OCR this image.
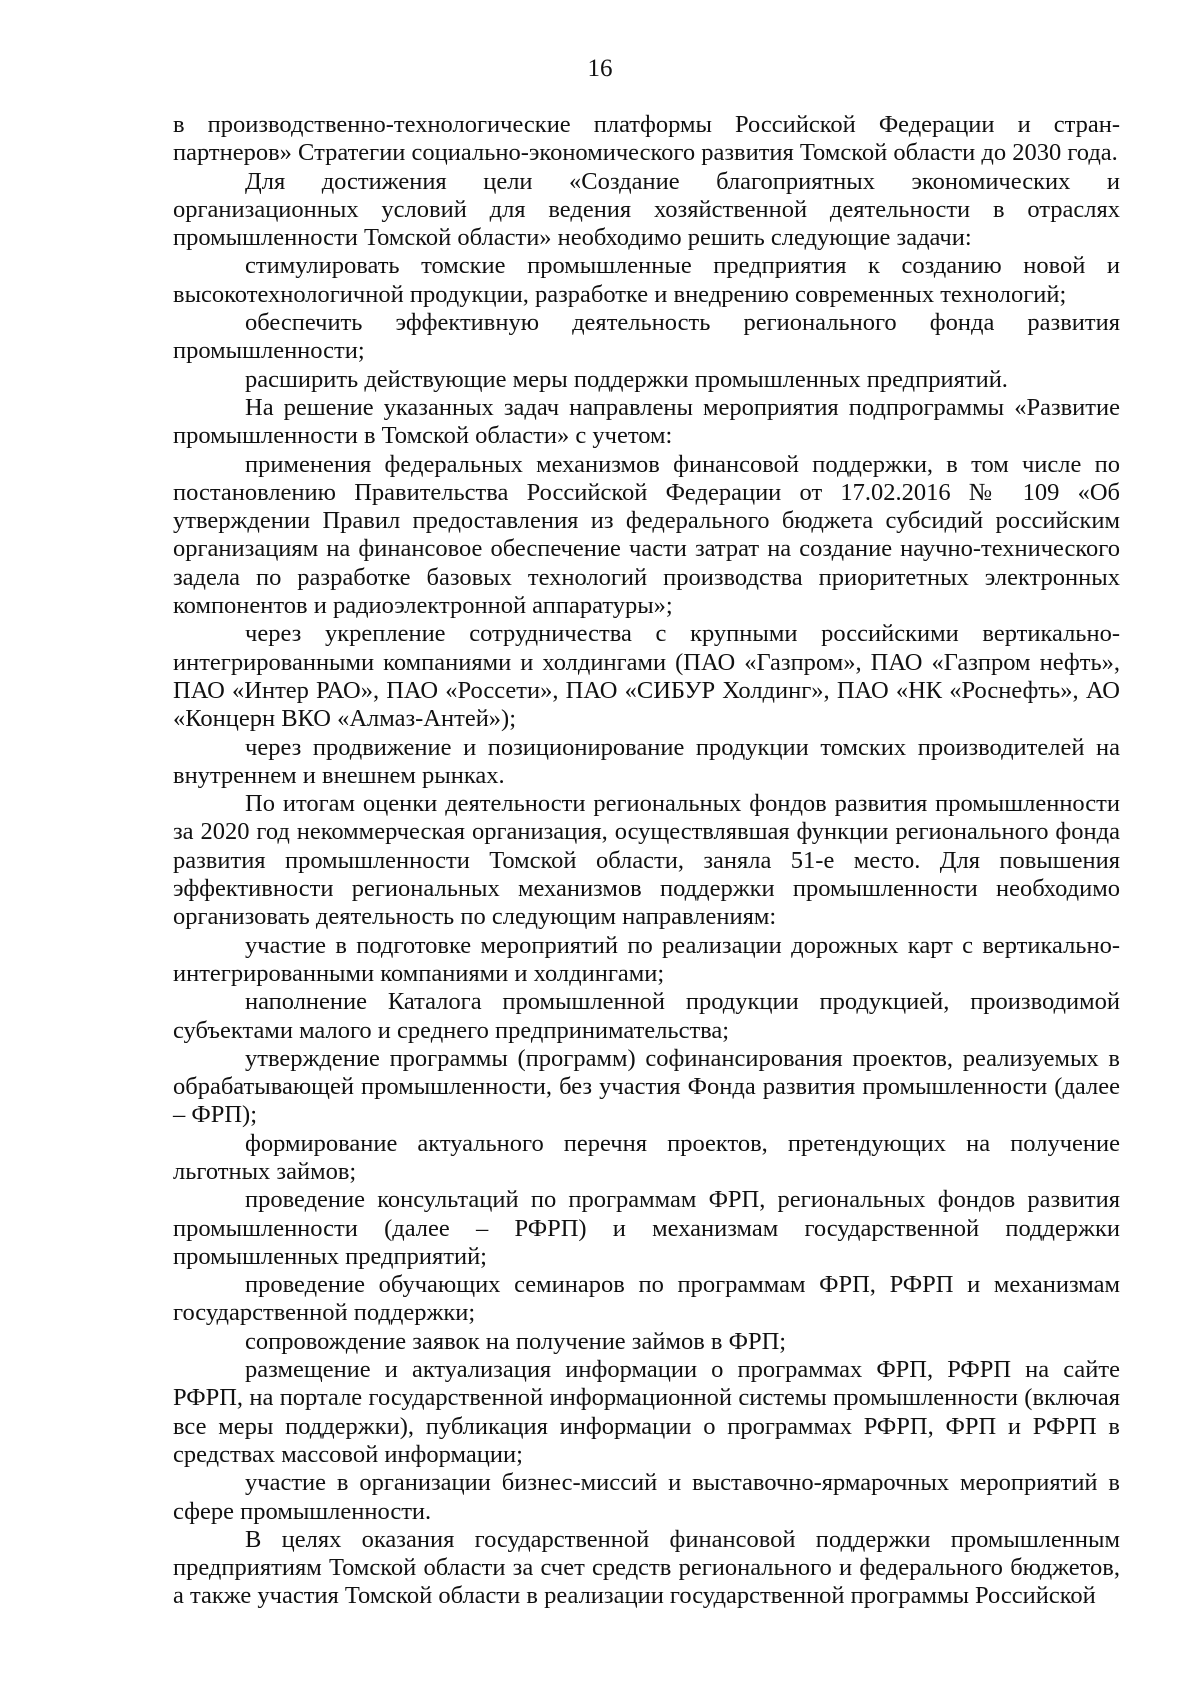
16

в производственно-технологические платформы Российской Федерации и стран-партнеров» Стратегии социально-экономического развития Томской области до 2030 года.

Для достижения цели «Создание благоприятных экономических и организационных условий для ведения хозяйственной деятельности в отраслях промышленности Томской области» необходимо решить следующие задачи:

стимулировать томские промышленные предприятия к созданию новой и высокотехнологичной продукции, разработке и внедрению современных технологий;

обеспечить эффективную деятельность регионального фонда развития промышленности;

расширить действующие меры поддержки промышленных предприятий.

На решение указанных задач направлены мероприятия подпрограммы «Развитие промышленности в Томской области» с учетом:

применения федеральных механизмов финансовой поддержки, в том числе по постановлению Правительства Российской Федерации от 17.02.2016 № 109 «Об утверждении Правил предоставления из федерального бюджета субсидий российским организациям на финансовое обеспечение части затрат на создание научно-технического задела по разработке базовых технологий производства приоритетных электронных компонентов и радиоэлектронной аппаратуры»;

через укрепление сотрудничества с крупными российскими вертикально-интегрированными компаниями и холдингами (ПАО «Газпром», ПАО «Газпром нефть», ПАО «Интер РАО», ПАО «Россети», ПАО «СИБУР Холдинг», ПАО «НК «Роснефть», АО «Концерн ВКО «Алмаз-Антей»);

через продвижение и позиционирование продукции томских производителей на внутреннем и внешнем рынках.

По итогам оценки деятельности региональных фондов развития промышленности за 2020 год некоммерческая организация, осуществлявшая функции регионального фонда развития промышленности Томской области, заняла 51-е место. Для повышения эффективности региональных механизмов поддержки промышленности необходимо организовать деятельность по следующим направлениям:

участие в подготовке мероприятий по реализации дорожных карт с вертикально-интегрированными компаниями и холдингами;

наполнение Каталога промышленной продукции продукцией, производимой субъектами малого и среднего предпринимательства;

утверждение программы (программ) софинансирования проектов, реализуемых в обрабатывающей промышленности, без участия Фонда развития промышленности (далее – ФРП);

формирование актуального перечня проектов, претендующих на получение льготных займов;

проведение консультаций по программам ФРП, региональных фондов развития промышленности (далее – РФРП) и механизмам государственной поддержки промышленных предприятий;

проведение обучающих семинаров по программам ФРП, РФРП и механизмам государственной поддержки;

сопровождение заявок на получение займов в ФРП;

размещение и актуализация информации о программах ФРП, РФРП на сайте РФРП, на портале государственной информационной системы промышленности (включая все меры поддержки), публикация информации о программах РФРП, ФРП и РФРП в средствах массовой информации;

участие в организации бизнес-миссий и выставочно-ярмарочных мероприятий в сфере промышленности.

В целях оказания государственной финансовой поддержки промышленным предприятиям Томской области за счет средств регионального и федерального бюджетов, а также участия Томской области в реализации государственной программы Российской
